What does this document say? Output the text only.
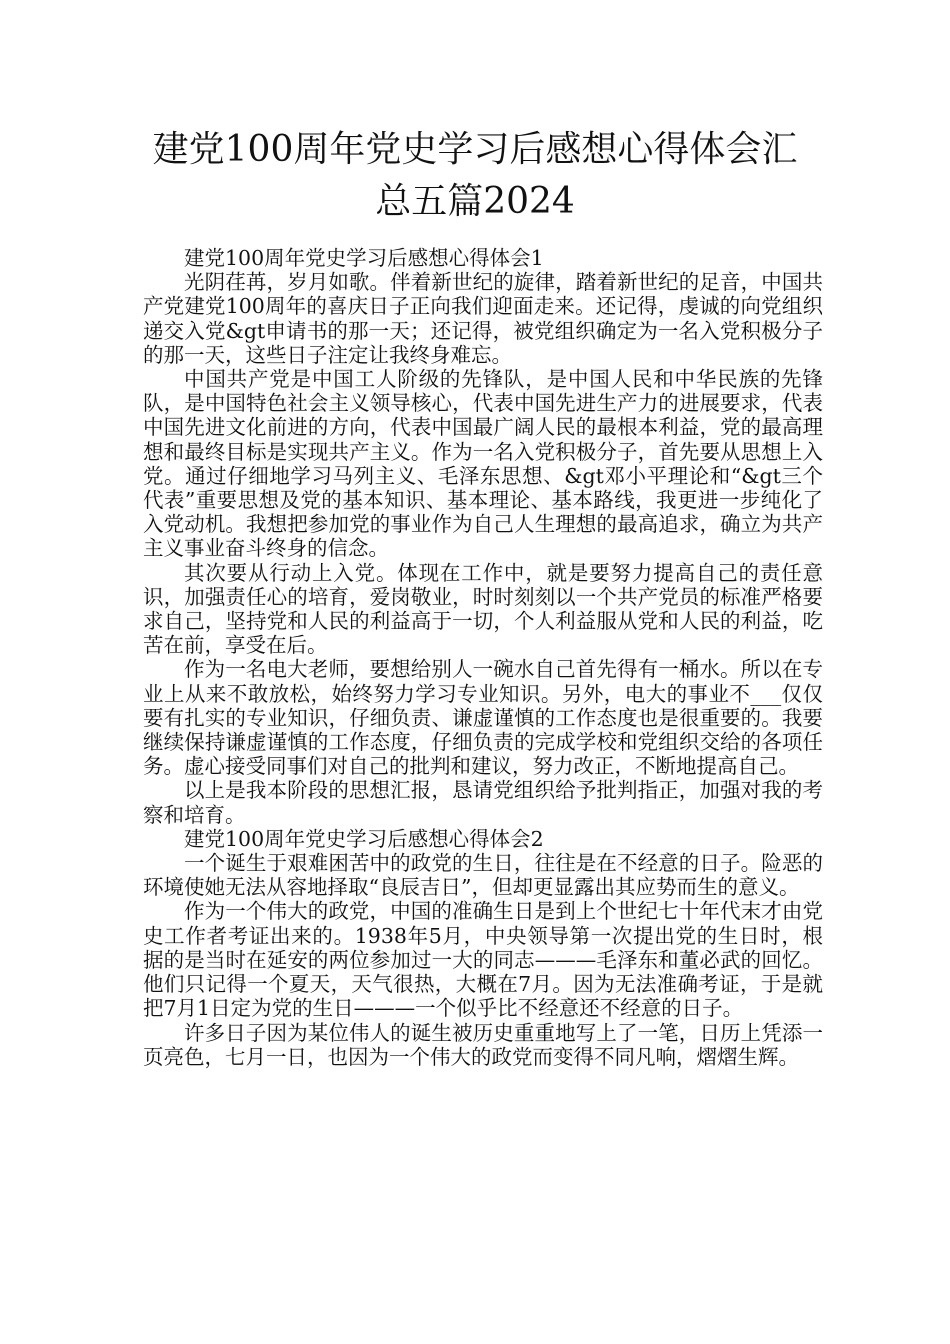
建党100周年党史学习后感想心得体会汇
总五篇2024

建党100周年党史学习后感想心得体会1

光阴荏苒，岁月如歌。伴着新世纪的旋律，踏着新世纪的足音，中国共产党建党100周年的喜庆日子正向我们迎面走来。还记得，虔诚的向党组织递交入党&gt申请书的那一天；还记得，被党组织确定为一名入党积极分子的那一天，这些日子注定让我终身难忘。

中国共产党是中国工人阶级的先锋队，是中国人民和中华民族的先锋队，是中国特色社会主义领导核心，代表中国先进生产力的进展要求，代表中国先进文化前进的方向，代表中国最广阔人民的最根本利益，党的最高理想和最终目标是实现共产主义。作为一名入党积极分子，首先要从思想上入党。通过仔细地学习马列主义、毛泽东思想、&gt邓小平理论和“&gt三个代表”重要思想及党的基本知识、基本理论、基本路线，我更进一步纯化了入党动机。我想把参加党的事业作为自己人生理想的最高追求，确立为共产主义事业奋斗终身的信念。

其次要从行动上入党。体现在工作中，就是要努力提高自己的责任意识，加强责任心的培育，爱岗敬业，时时刻刻以一个共产党员的标准严格要求自己，坚持党和人民的利益高于一切，个人利益服从党和人民的利益，吃苦在前，享受在后。

作为一名电大老师，要想给别人一碗水自己首先得有一桶水。所以在专业上从来不敢放松，始终努力学习专业知识。另外，电大的事业不___仅仅要有扎实的专业知识，仔细负责、谦虚谨慎的工作态度也是很重要的。我要继续保持谦虚谨慎的工作态度，仔细负责的完成学校和党组织交给的各项任务。虚心接受同事们对自己的批判和建议，努力改正，不断地提高自己。

以上是我本阶段的思想汇报，恳请党组织给予批判指正，加强对我的考察和培育。

建党100周年党史学习后感想心得体会2

一个诞生于艰难困苦中的政党的生日，往往是在不经意的日子。险恶的环境使她无法从容地择取“良辰吉日”，但却更显露出其应势而生的意义。

作为一个伟大的政党，中国的准确生日是到上个世纪七十年代末才由党史工作者考证出来的。1938年5月，中央领导第一次提出党的生日时，根据的是当时在延安的两位参加过一大的同志———毛泽东和董必武的回忆。他们只记得一个夏天，天气很热，大概在7月。因为无法准确考证，于是就把7月1日定为党的生日———一个似乎比不经意还不经意的日子。

许多日子因为某位伟人的诞生被历史重重地写上了一笔，日历上凭添一页亮色，七月一日，也因为一个伟大的政党而变得不同凡响，熠熠生辉。
